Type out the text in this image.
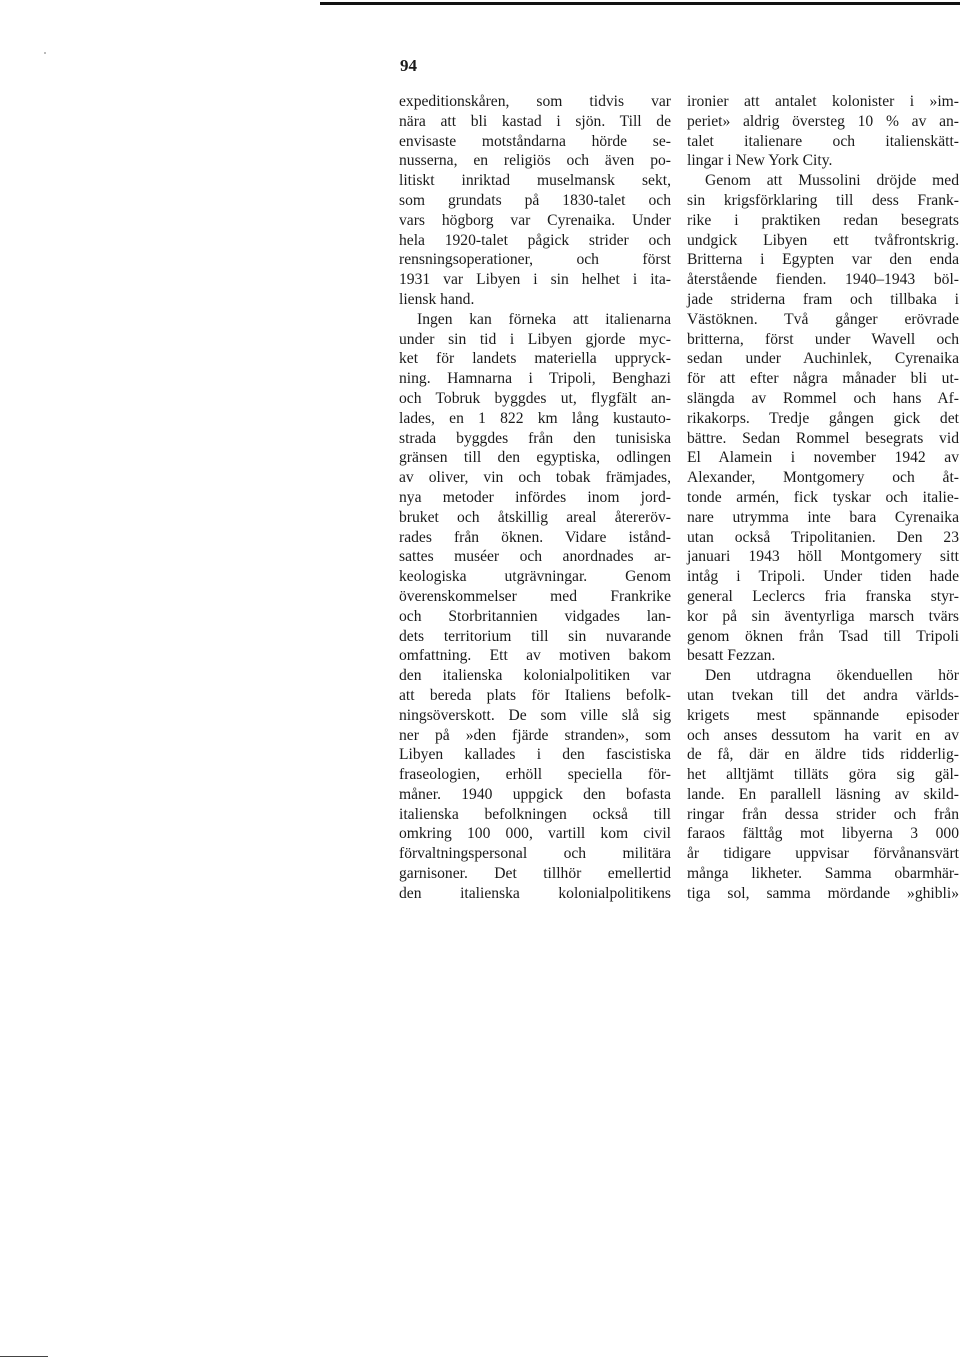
94

expeditionskåren, som tidvis var

nära att bli kastad i sjön. Till de

envisaste motståndarna hörde se-

nusserna, en religiös och även po-

litiskt inriktad muselmansk sekt,

som grundats på 1830-talet och

vars högborg var Cyrenaika. Under

hela 1920-talet pågick strider och

rensningsoperationer, och först

1931 var Libyen i sin helhet i ita-

liensk hand.

Ingen kan förneka att italienarna

under sin tid i Libyen gjorde myc-

ket för landets materiella uppryck-

ning. Hamnarna i Tripoli, Benghazi

och Tobruk byggdes ut, flygfält an-

lades, en 1 822 km lång kustauto-

strada byggdes från den tunisiska

gränsen till den egyptiska, odlingen

av oliver, vin och tobak främjades,

nya metoder infördes inom jord-

bruket och åtskillig areal återeröv-

rades från öknen. Vidare istånd-

sattes muséer och anordnades ar-

keologiska utgrävningar. Genom

överenskommelser med Frankrike

och Storbritannien vidgades lan-

dets territorium till sin nuvarande

omfattning. Ett av motiven bakom

den italienska kolonialpolitiken var

att bereda plats för Italiens befolk-

ningsöverskott. De som ville slå sig

ner på »den fjärde stranden», som

Libyen kallades i den fascistiska

fraseologien, erhöll speciella för-

måner. 1940 uppgick den bofasta

italienska befolkningen också till

omkring 100 000, vartill kom civil

förvaltningspersonal och militära

garnisoner. Det tillhör emellertid

den italienska kolonialpolitikens

ironier att antalet kolonister i »im-

periet» aldrig översteg 10 % av an-

talet italienare och italienskätt-

lingar i New York City.

Genom att Mussolini dröjde med

sin krigsförklaring till dess Frank-

rike i praktiken redan besegrats

undgick Libyen ett tvåfrontskrig.

Britterna i Egypten var den enda

återstående fienden. 1940–1943 böl-

jade striderna fram och tillbaka i

Västöknen. Två gånger erövrade

britterna, först under Wavell och

sedan under Auchinlek, Cyrenaika

för att efter några månader bli ut-

slängda av Rommel och hans Af-

rikakorps. Tredje gången gick det

bättre. Sedan Rommel besegrats vid

El Alamein i november 1942 av

Alexander, Montgomery och åt-

tonde armén, fick tyskar och italie-

nare utrymma inte bara Cyrenaika

utan också Tripolitanien. Den 23

januari 1943 höll Montgomery sitt

intåg i Tripoli. Under tiden hade

general Leclercs fria franska styr-

kor på sin äventyrliga marsch tvärs

genom öknen från Tsad till Tripoli

besatt Fezzan.

Den utdragna ökenduellen hör

utan tvekan till det andra världs-

krigets mest spännande episoder

och anses dessutom ha varit en av

de få, där en äldre tids ridderlig-

het alltjämt tilläts göra sig gäl-

lande. En parallell läsning av skild-

ringar från dessa strider och från

faraos fälttåg mot libyerna 3 000

år tidigare uppvisar förvånansvärt

många likheter. Samma obarmhär-

tiga sol, samma mördande »ghibli»
